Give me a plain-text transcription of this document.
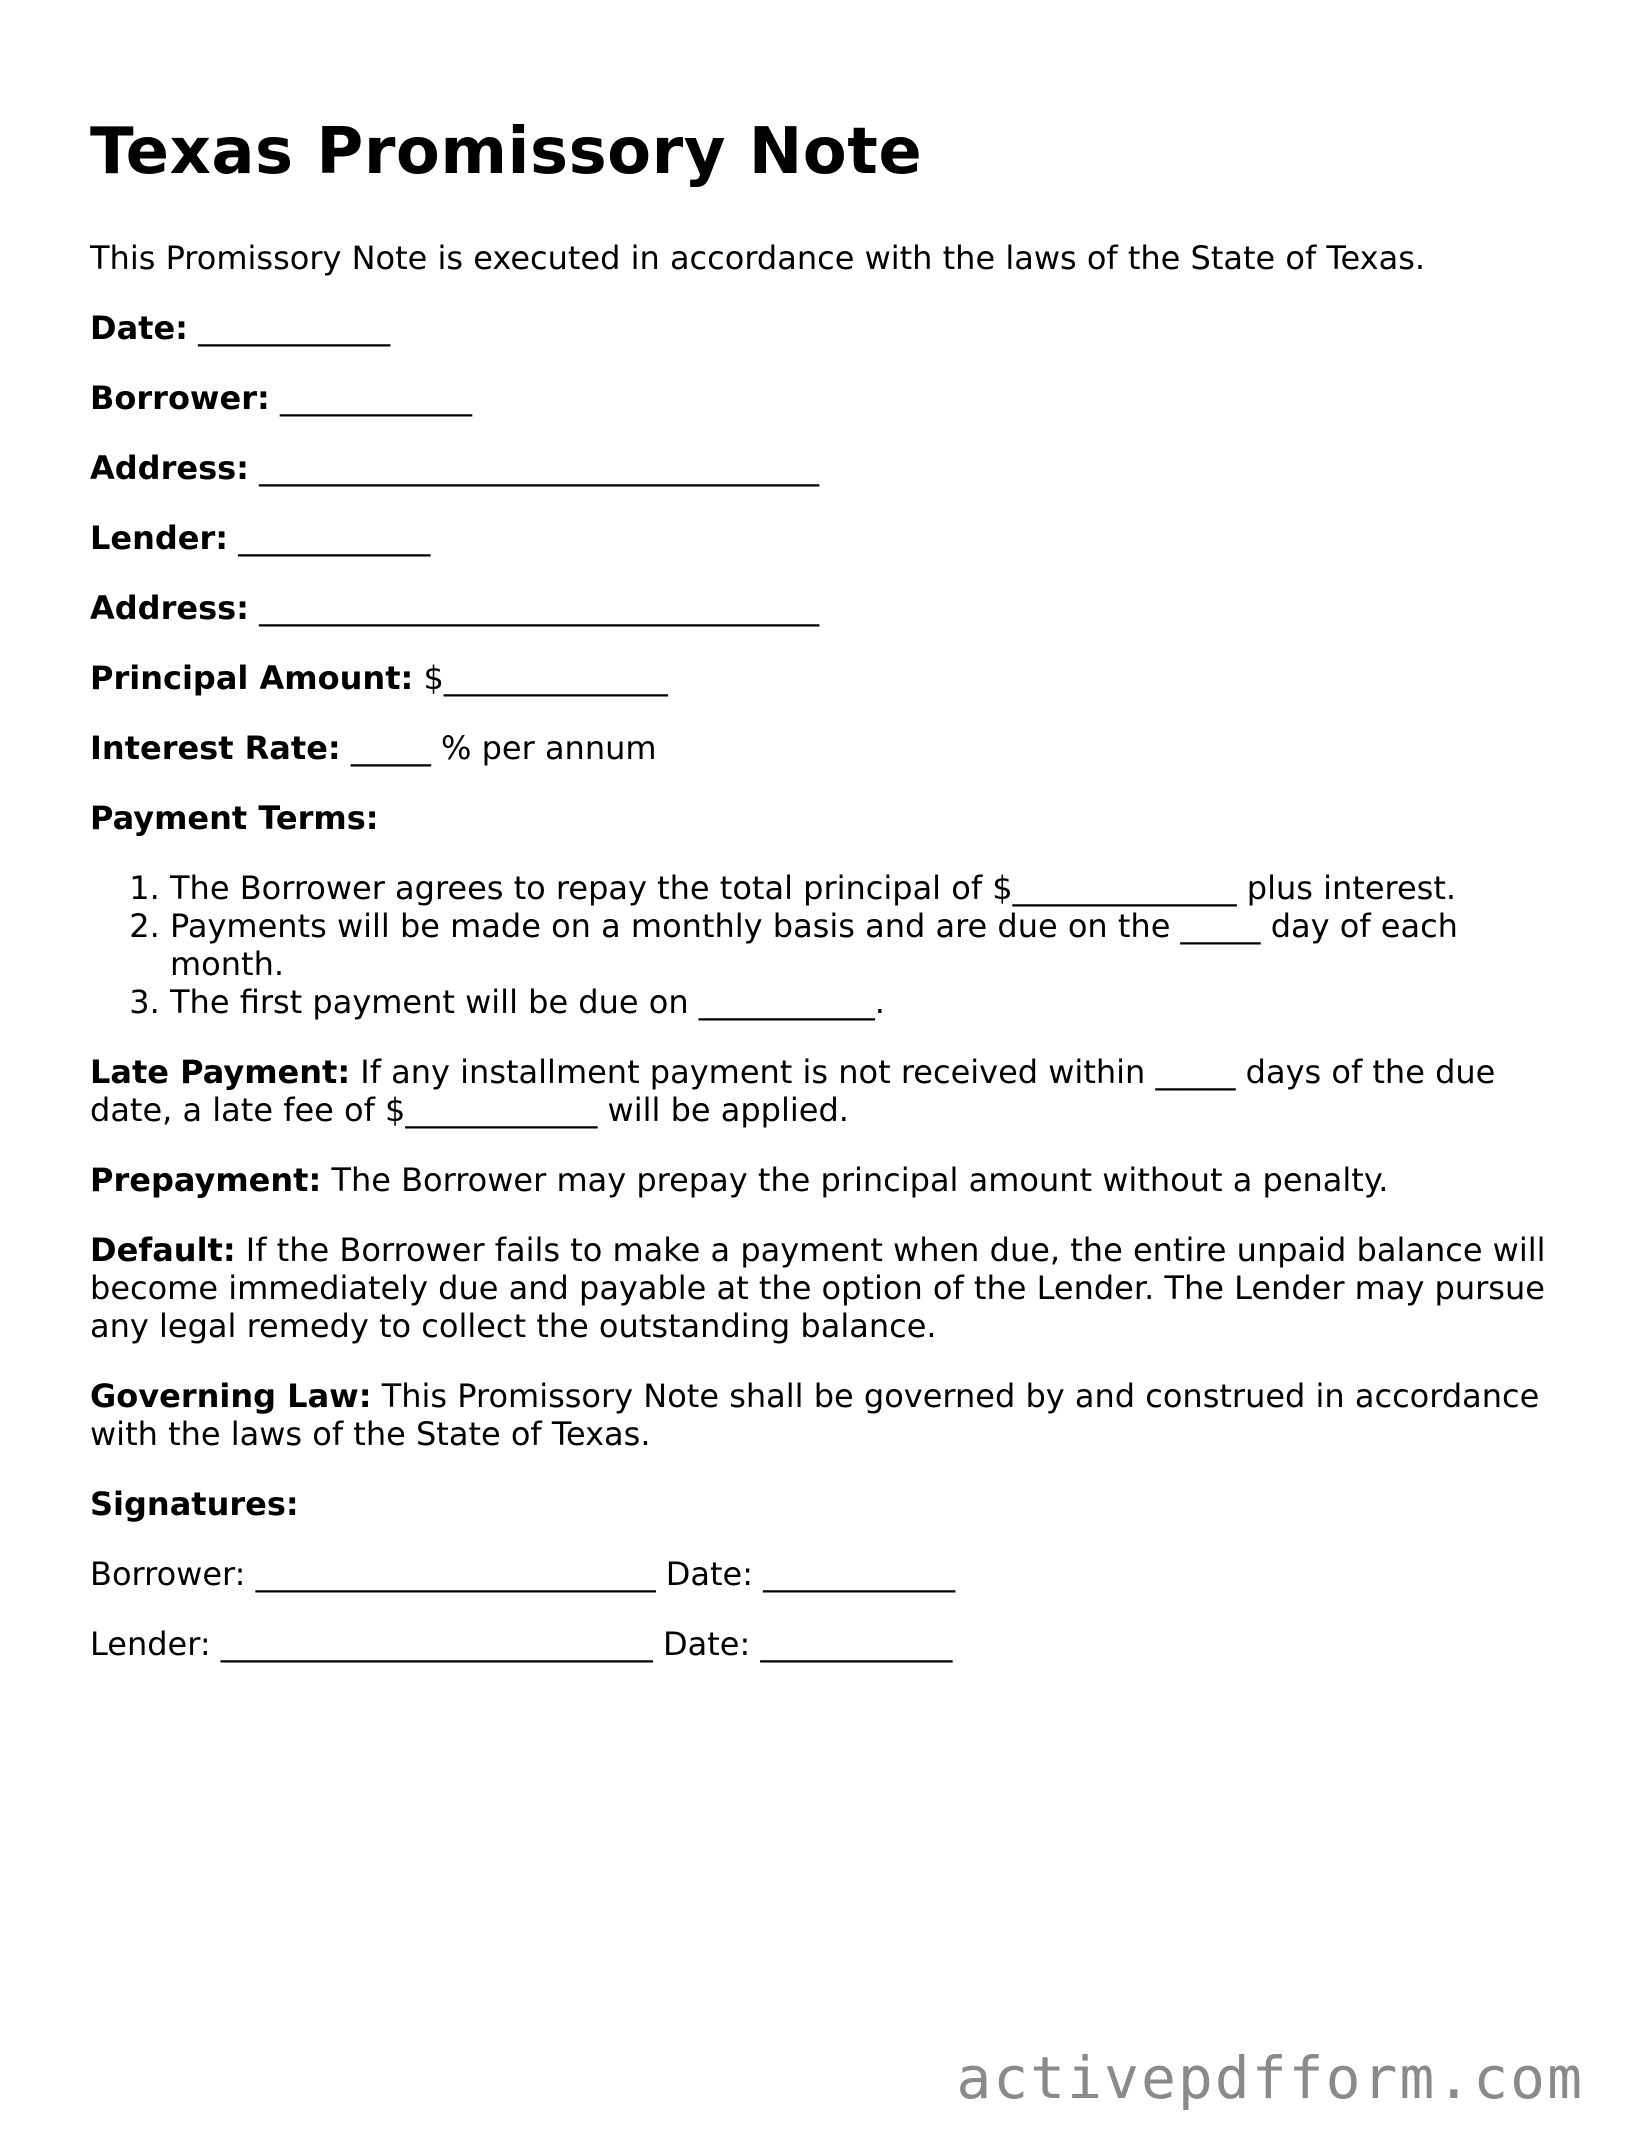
Texas Promissory Note

This Promissory Note is executed in accordance with the laws of the State of Texas.

Date: ____________

Borrower: ____________

Address: ___________________________________

Lender: ____________

Address: ___________________________________

Principal Amount: $______________

Interest Rate: _____ % per annum

Payment Terms:

1. The Borrower agrees to repay the total principal of $______________ plus interest.
2. Payments will be made on a monthly basis and are due on the _____ day of each month.
3. The first payment will be due on ___________.

Late Payment: If any installment payment is not received within _____ days of the due date, a late fee of $____________ will be applied.

Prepayment: The Borrower may prepay the principal amount without a penalty.

Default: If the Borrower fails to make a payment when due, the entire unpaid balance will become immediately due and payable at the option of the Lender. The Lender may pursue any legal remedy to collect the outstanding balance.

Governing Law: This Promissory Note shall be governed by and construed in accordance with the laws of the State of Texas.

Signatures:

Borrower: _________________________ Date: ____________

Lender: ___________________________ Date: ____________

activepdfform.com
